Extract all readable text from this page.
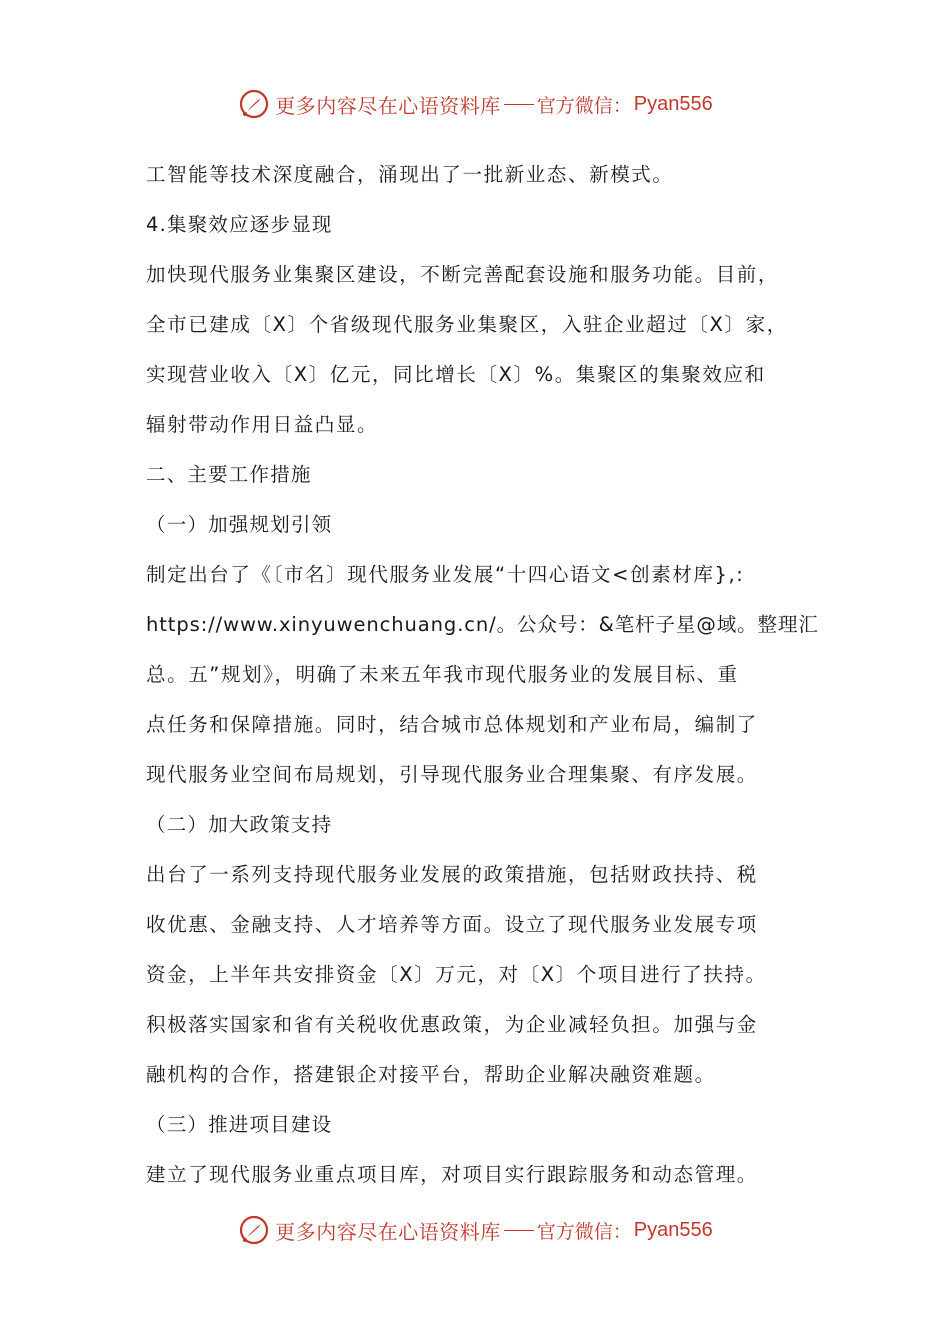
更多内容尽在心语资料库 官方微信： Pyan556
工智能等技术深度融合，涌现出了一批新业态、新模式。
4.集聚效应逐步显现
加快现代服务业集聚区建设，不断完善配套设施和服务功能。目前，
全市已建成〔X〕个省级现代服务业集聚区，入驻企业超过〔X〕家，
实现营业收入〔X〕亿元，同比增长〔X〕%。集聚区的集聚效应和
辐射带动作用日益凸显。
二、主要工作措施
（一）加强规划引领
制定出台了《〔市名〕现代服务业发展“十四心语文<创素材库},:
https://www.xinyuwenchuang.cn/。公众号：&笔杆子星@域。整理汇
总。五”规划》，明确了未来五年我市现代服务业的发展目标、重
点任务和保障措施。同时，结合城市总体规划和产业布局，编制了
现代服务业空间布局规划，引导现代服务业合理集聚、有序发展。
（二）加大政策支持
出台了一系列支持现代服务业发展的政策措施，包括财政扶持、税
收优惠、金融支持、人才培养等方面。设立了现代服务业发展专项
资金，上半年共安排资金〔X〕万元，对〔X〕个项目进行了扶持。
积极落实国家和省有关税收优惠政策，为企业减轻负担。加强与金
融机构的合作，搭建银企对接平台，帮助企业解决融资难题。
（三）推进项目建设
建立了现代服务业重点项目库，对项目实行跟踪服务和动态管理。
更多内容尽在心语资料库 官方微信： Pyan556
